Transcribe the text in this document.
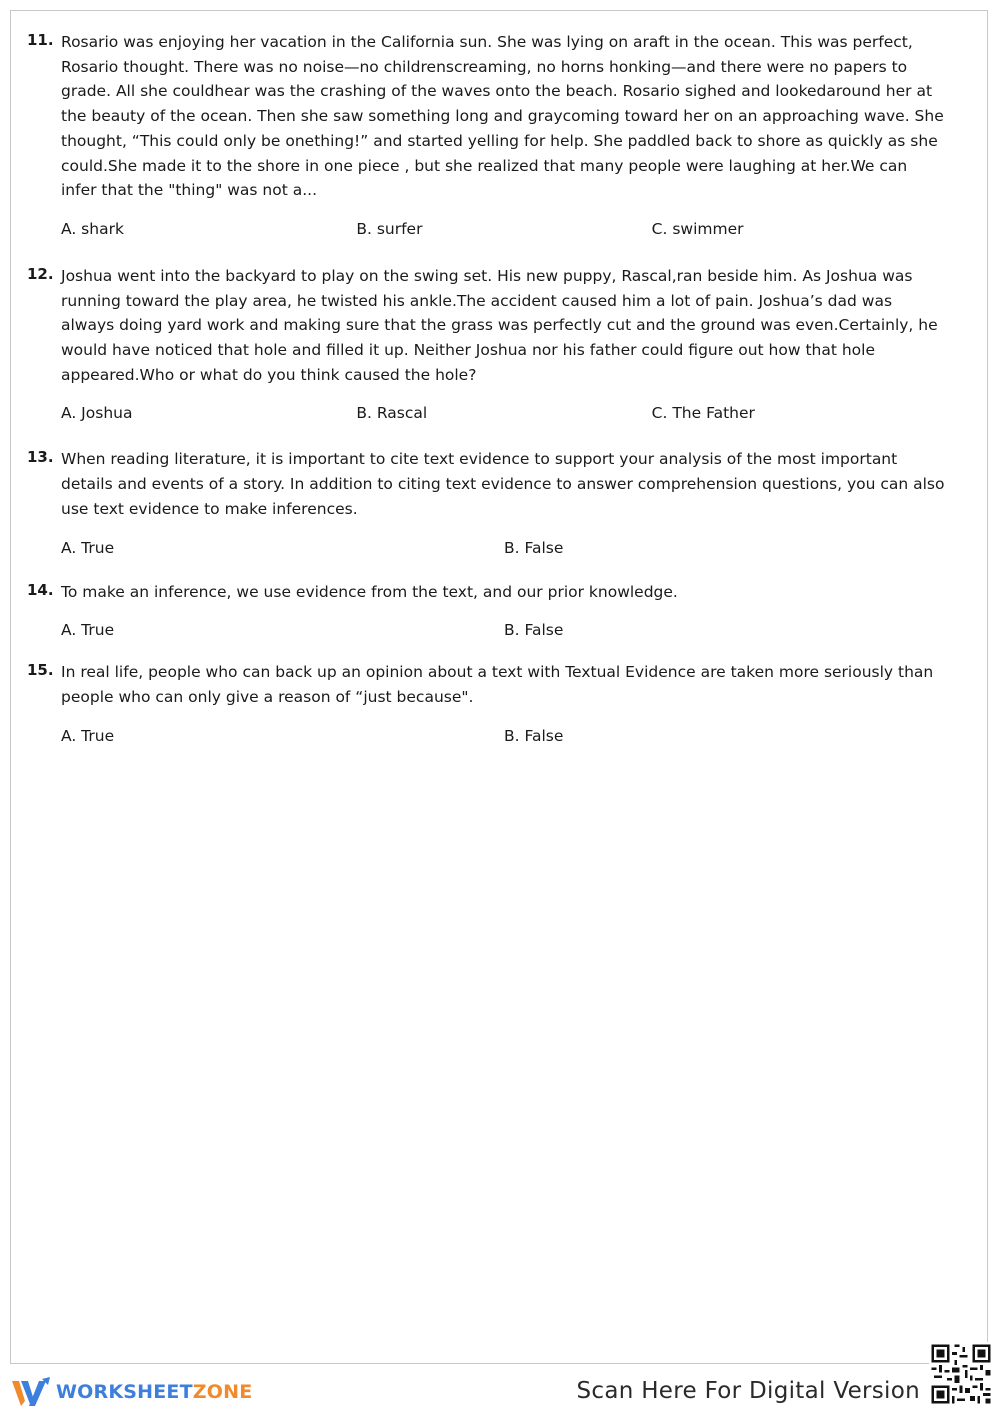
11. Rosario was enjoying her vacation in the California sun. She was lying on araft in the ocean. This was perfect, Rosario thought. There was no noise—no childrenscreaming, no horns honking—and there were no papers to grade. All she couldhear was the crashing of the waves onto the beach. Rosario sighed and lookedaround her at the beauty of the ocean. Then she saw something long and graycoming toward her on an approaching wave. She thought, “This could only be onething!” and started yelling for help. She paddled back to shore as quickly as she could.She made it to the shore in one piece , but she realized that many people were laughing at her.We can infer that the "thing" was not a...

A. shark	B. surfer	C. swimmer
12. Joshua went into the backyard to play on the swing set. His new puppy, Rascal,ran beside him. As Joshua was running toward the play area, he twisted his ankle.The accident caused him a lot of pain. Joshua’s dad was always doing yard work and making sure that the grass was perfectly cut and the ground was even.Certainly, he would have noticed that hole and filled it up. Neither Joshua nor his father could figure out how that hole appeared.Who or what do you think caused the hole?

A. Joshua	B. Rascal	C. The Father
13. When reading literature, it is important to cite text evidence to support your analysis of the most important details and events of a story. In addition to citing text evidence to answer comprehension questions, you can also use text evidence to make inferences.

A. True	B. False
14. To make an inference, we use evidence from the text, and our prior knowledge.

A. True	B. False
15. In real life, people who can back up an opinion about a text with Textual Evidence are taken more seriously than people who can only give a reason of “just because".

A. True	B. False
WORKSHEETZONE	Scan Here For Digital Version
